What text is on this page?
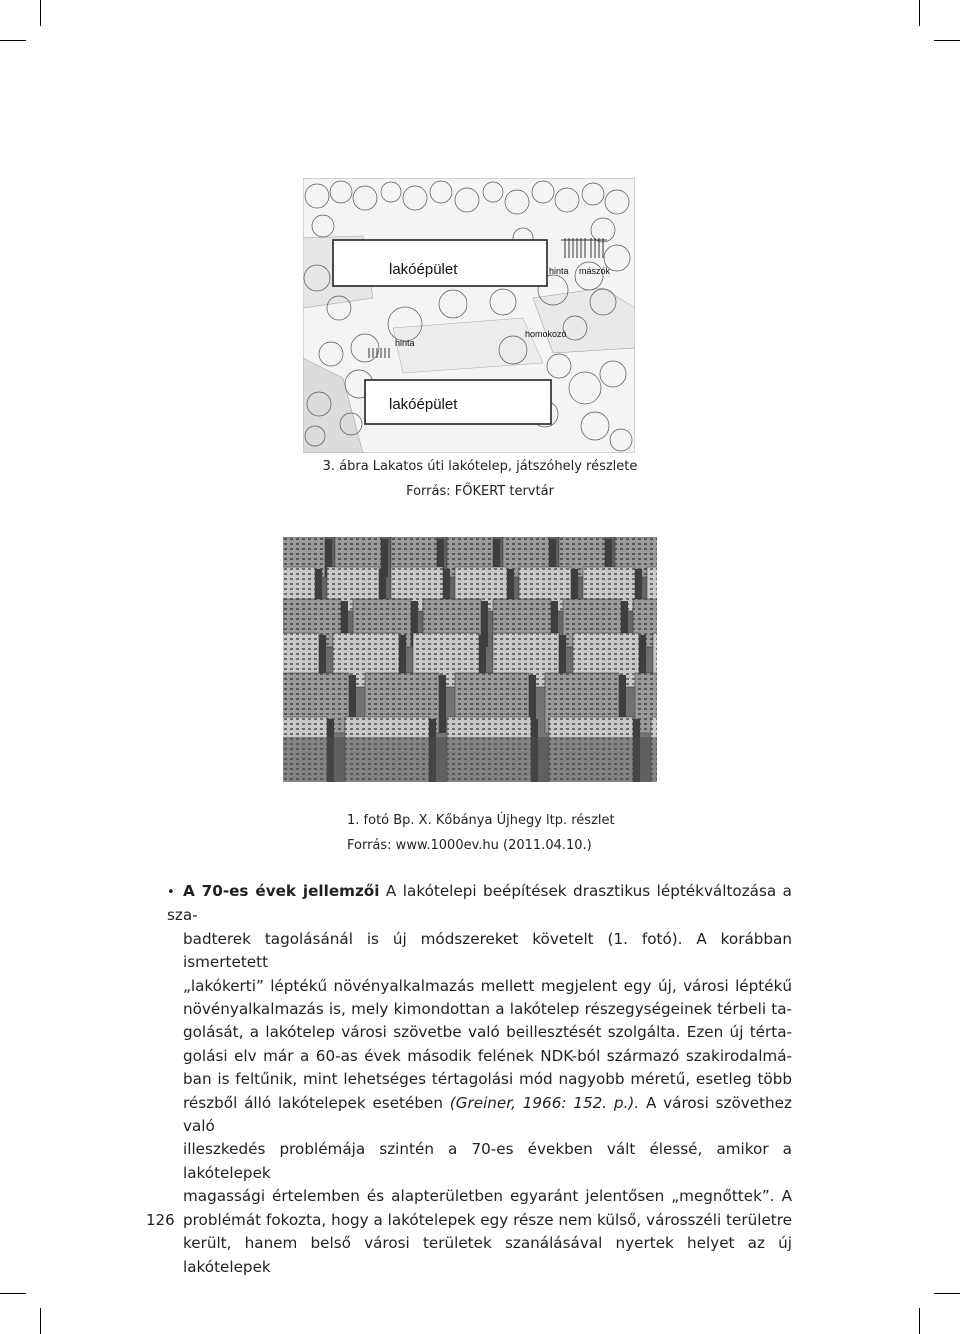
lakóépület
lakóépület
hinta mászók
homokozó
hinta
3. ábra Lakatos úti lakótelep, játszóhely részlete
Forrás: FŐKERT tervtár
1. fotó Bp. X. Kőbánya Újhegy ltp. részlet
Forrás: www.1000ev.hu (2011.04.10.)
• A 70-es évek jellemzői A lakótelepi beépítések drasztikus léptékváltozása a sza-
badterek tagolásánál is új módszereket követelt (1. fotó). A korábban ismertetett
„lakókerti” léptékű növényalkalmazás mellett megjelent egy új, városi léptékű
növényalkalmazás is, mely kimondottan a lakótelep részegységeinek térbeli ta-
golását, a lakótelep városi szövetbe való beillesztését szolgálta. Ezen új térta-
golási elv már a 60-as évek második felének NDK-ból származó szakirodalmá-
ban is feltűnik, mint lehetséges tértagolási mód nagyobb méretű, esetleg több
részből álló lakótelepek esetében (Greiner, 1966: 152. p.). A városi szövethez való
illeszkedés problémája szintén a 70-es években vált élessé, amikor a lakótelepek
magassági értelemben és alapterületben egyaránt jelentősen „megnőttek”. A
problémát fokozta, hogy a lakótelepek egy része nem külső, városszéli területre
került, hanem belső városi területek szanálásával nyertek helyet az új lakótelepek
126
